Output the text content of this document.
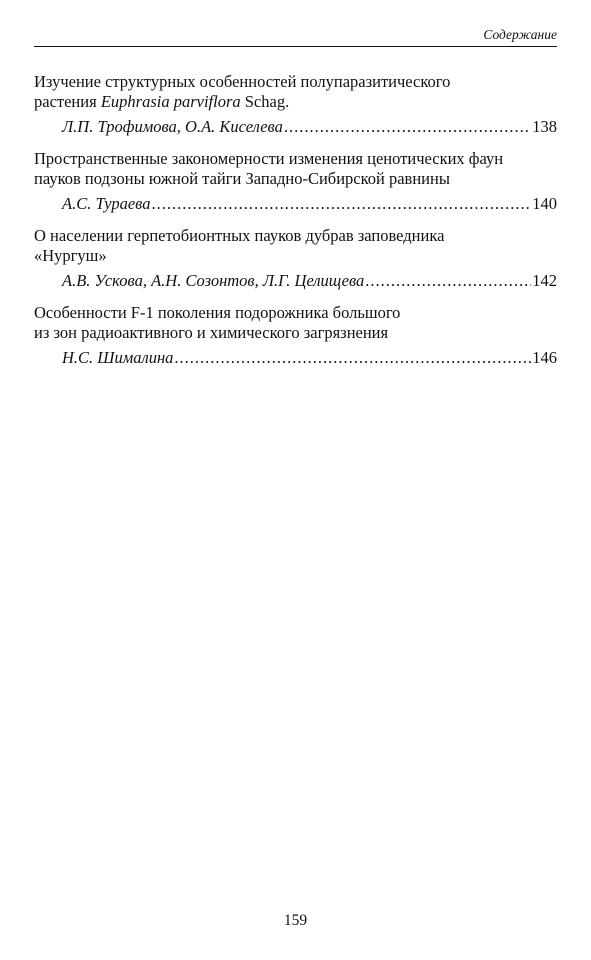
Содержание
Изучение структурных особенностей полупаразитического
растения Euphrasia parviflora Schag.
Л.П. Трофимова, О.А. Киселева .....	138
Пространственные закономерности изменения ценотических фаун
пауков подзоны южной тайги Западно-Сибирской равнины
А.С. Тураева .....	140
О населении герпетобионтных пауков дубрав заповедника
«Нургуш»
А.В. Ускова, А.Н. Созонтов, Л.Г. Целищева .....	142
Особенности F-1 поколения подорожника большого
из зон радиоактивного и химического загрязнения
Н.С. Шималина .....	146
159
